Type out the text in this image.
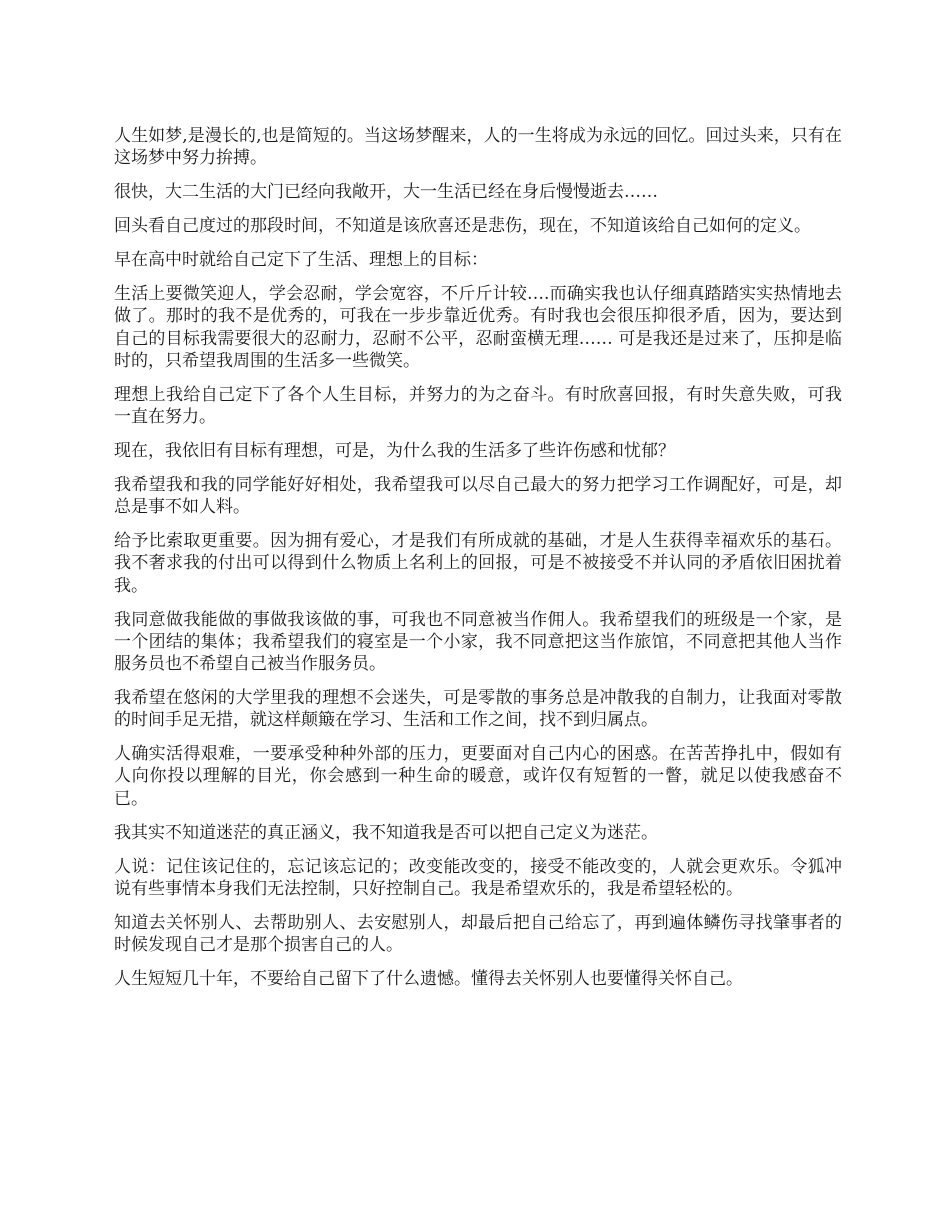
人生如梦,是漫长的,也是简短的。当这场梦醒来，人的一生将成为永远的回忆。回过头来，只有在这场梦中努力拚搏。

很快，大二生活的大门已经向我敞开，大一生活已经在身后慢慢逝去……

回头看自己度过的那段时间，不知道是该欣喜还是悲伤，现在，不知道该给自己如何的定义。

早在高中时就给自己定下了生活、理想上的目标：

生活上要微笑迎人，学会忍耐，学会宽容，不斤斤计较….而确实我也认仔细真踏踏实实热情地去做了。那时的我不是优秀的，可我在一步步靠近优秀。有时我也会很压抑很矛盾，因为，要达到自己的目标我需要很大的忍耐力，忍耐不公平，忍耐蛮横无理…… 可是我还是过来了，压抑是临时的，只希望我周围的生活多一些微笑。

理想上我给自己定下了各个人生目标，并努力的为之奋斗。有时欣喜回报，有时失意失败，可我一直在努力。

现在，我依旧有目标有理想，可是，为什么我的生活多了些许伤感和忧郁？

我希望我和我的同学能好好相处，我希望我可以尽自己最大的努力把学习工作调配好，可是，却总是事不如人料。

给予比索取更重要。因为拥有爱心，才是我们有所成就的基础，才是人生获得幸福欢乐的基石。我不奢求我的付出可以得到什么物质上名利上的回报，可是不被接受不并认同的矛盾依旧困扰着我。

我同意做我能做的事做我该做的事，可我也不同意被当作佣人。我希望我们的班级是一个家，是一个团结的集体；我希望我们的寝室是一个小家，我不同意把这当作旅馆，不同意把其他人当作服务员也不希望自己被当作服务员。

我希望在悠闲的大学里我的理想不会迷失，可是零散的事务总是冲散我的自制力，让我面对零散的时间手足无措，就这样颠簸在学习、生活和工作之间，找不到归属点。

人确实活得艰难，一要承受种种外部的压力，更要面对自己内心的困惑。在苦苦挣扎中，假如有人向你投以理解的目光，你会感到一种生命的暖意，或许仅有短暂的一瞥，就足以使我感奋不已。

我其实不知道迷茫的真正涵义，我不知道我是否可以把自己定义为迷茫。

人说：记住该记住的，忘记该忘记的；改变能改变的，接受不能改变的，人就会更欢乐。令狐冲说有些事情本身我们无法控制，只好控制自己。我是希望欢乐的，我是希望轻松的。

知道去关怀别人、去帮助别人、去安慰别人，却最后把自己给忘了，再到遍体鳞伤寻找肇事者的时候发现自己才是那个损害自己的人。

人生短短几十年，不要给自己留下了什么遗憾。懂得去关怀别人也要懂得关怀自己。
